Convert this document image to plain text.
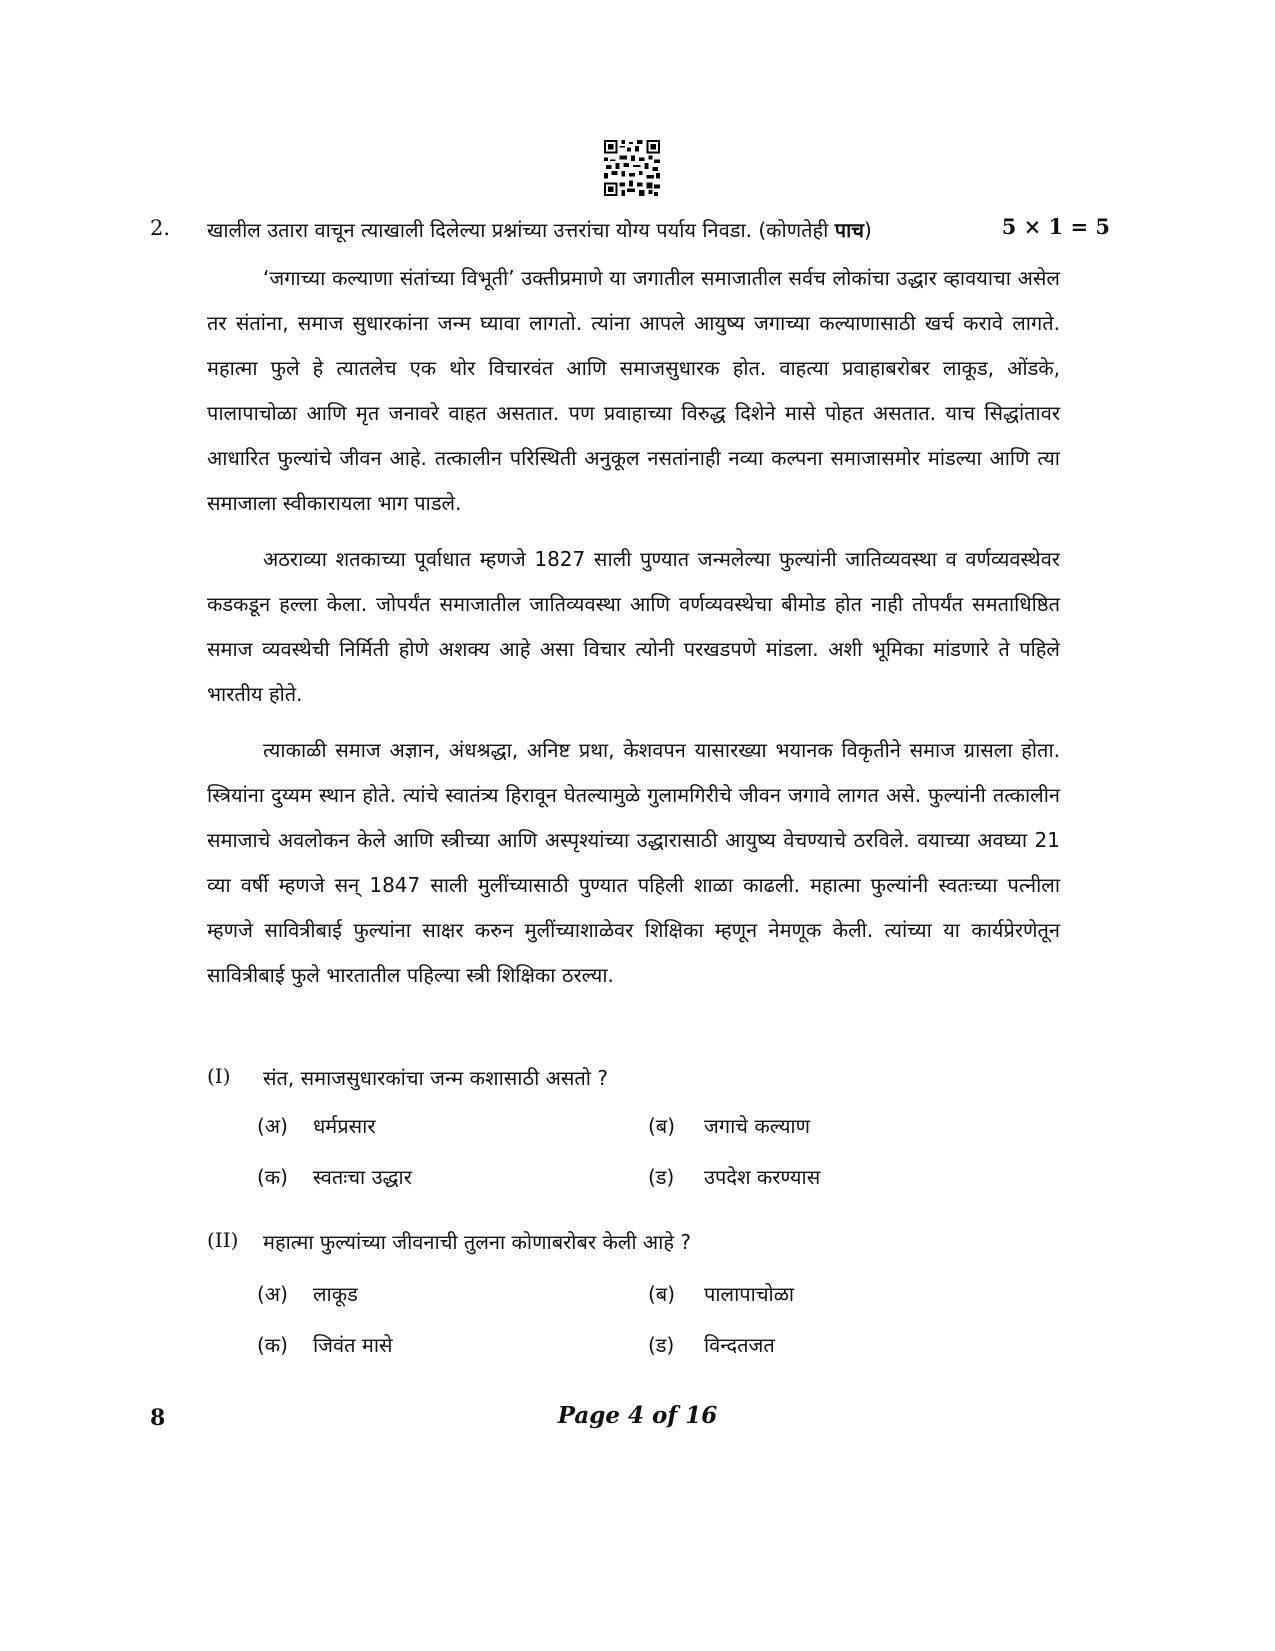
2. खालील उतारा वाचून त्याखाली दिलेल्या प्रश्नांच्या उत्तरांचा योग्य पर्याय निवडा. (कोणतेही पाच)	5 × 1 = 5

‘जगाच्या कल्याणा संतांच्या विभूती’ उक्तीप्रमाणे या जगातील समाजातील सर्वच लोकांचा उद्धार व्हावयाचा असेल तर संतांना, समाज सुधारकांना जन्म घ्यावा लागतो. त्यांना आपले आयुष्य जगाच्या कल्याणासाठी खर्च करावे लागते. महात्मा फुले हे त्यातलेच एक थोर विचारवंत आणि समाजसुधारक होत. वाहत्या प्रवाहाबरोबर लाकूड, ओंडके, पालापाचोळा आणि मृत जनावरे वाहत असतात. पण प्रवाहाच्या विरुद्ध दिशेने मासे पोहत असतात. याच सिद्धांतावर आधारित फुल्यांचे जीवन आहे. तत्कालीन परिस्थिती अनुकूल नसतांनाही नव्या कल्पना समाजासमोर मांडल्या आणि त्या समाजाला स्वीकारायला भाग पाडले.

अठराव्या शतकाच्या पूर्वाधात म्हणजे 1827 साली पुण्यात जन्मलेल्या फुल्यांनी जातिव्यवस्था व वर्णव्यवस्थेवर कडकडून हल्ला केला. जोपर्यंत समाजातील जातिव्यवस्था आणि वर्णव्यवस्थेचा बीमोड होत नाही तोपर्यंत समताधिष्ठित समाज व्यवस्थेची निर्मिती होणे अशक्य आहे असा विचार त्योनी परखडपणे मांडला. अशी भूमिका मांडणारे ते पहिले भारतीय होते.

त्याकाळी समाज अज्ञान, अंधश्रद्धा, अनिष्ट प्रथा, केशवपन यासारख्या भयानक विकृतीने समाज ग्रासला होता. स्त्रियांना दुय्यम स्थान होते. त्यांचे स्वातंत्र्य हिरावून घेतल्यामुळे गुलामगिरीचे जीवन जगावे लागत असे. फुल्यांनी तत्कालीन समाजाचे अवलोकन केले आणि स्त्रीच्या आणि अस्पृश्यांच्या उद्धारासाठी आयुष्य वेचण्याचे ठरविले. वयाच्या अवघ्या 21 व्या वर्षी म्हणजे सन् 1847 साली मुलींच्यासाठी पुण्यात पहिली शाळा काढली. महात्मा फुल्यांनी स्वतःच्या पत्नीला म्हणजे सावित्रीबाई फुल्यांना साक्षर करुन मुलींच्याशाळेवर शिक्षिका म्हणून नेमणूक केली. त्यांच्या या कार्यप्रेरणेतून सावित्रीबाई फुले भारतातील पहिल्या स्त्री शिक्षिका ठरल्या.

(I) संत, समाजसुधारकांचा जन्म कशासाठी असतो ?
(अ) धर्मप्रसार	(ब) जगाचे कल्याण
(क) स्वतःचा उद्धार	(ड) उपदेश करण्यास
(II) महात्मा फुल्यांच्या जीवनाची तुलना कोणाबरोबर केली आहे ?
(अ) लाकूड	(ब) पालापाचोळा
(क) जिवंत मासे	(ड) विन्दतजत
8	Page 4 of 16
